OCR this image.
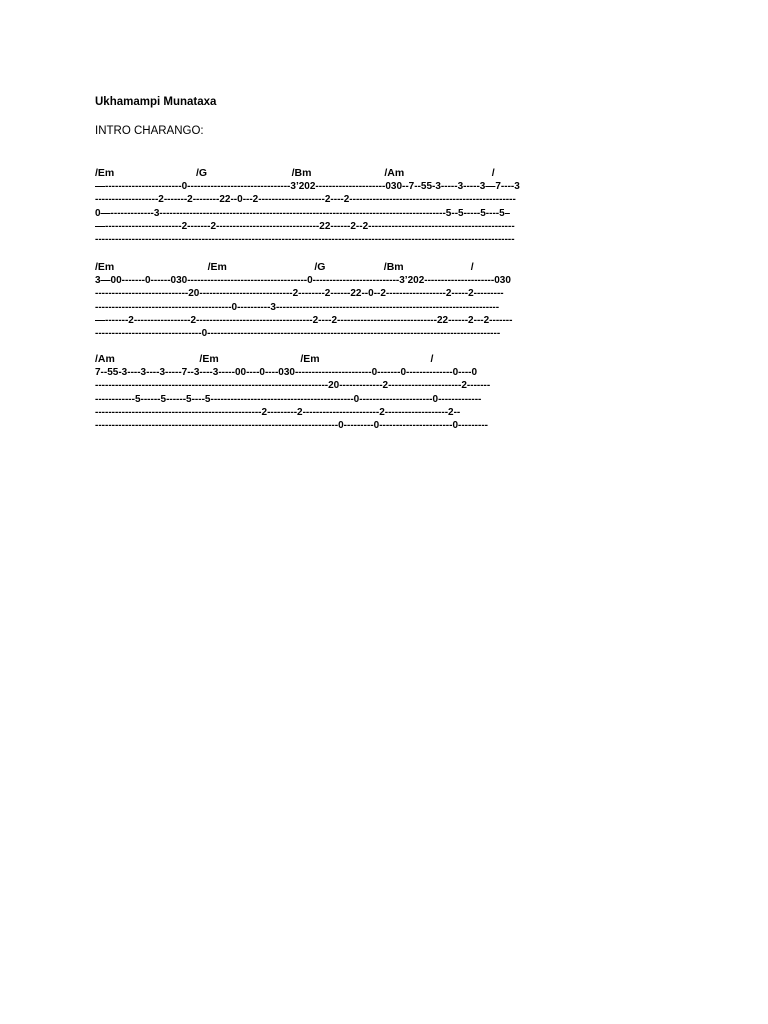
Ukhamampi Munataxa
INTRO CHARANGO:
/Em                            /G                             /Bm                         /Am                              /
—-----------------------0-------------------------------3’202---------------------030--7--55-3-----3-----3—7----3
-------------------2-------2--------22--0---2--------------------2----2--------------------------------------------------
0—-------------3--------------------------------------------------------------------------------------5--5-----5----5–
—-----------------------2-------2-------------------------------22------2--2--------------------------------------------
------------------------------------------------------------------------------------------------------------------------------
/Em                                /Em                              /G                    /Bm                       /
3—00-------0------030------------------------------------0--------------------------3’202---------------------030
----------------------------20----------------------------2--------2------22--0--2------------------2-----2---------
-----------------------------------------0----------3-------------------------------------------------------------------
—-------2-----------------2-----------------------------------2----2------------------------------22------2---2-------
--------------------------------0----------------------------------------------------------------------------------------
/Am                             /Em                            /Em                                      /
7--55-3----3----3-----7--3----3-----00----0----030-----------------------0-------0--------------0----0
----------------------------------------------------------------------20-------------2----------------------2-------
------------5------5------5----5-------------------------------------------0----------------------0-------------
--------------------------------------------------2---------2-----------------------2-------------------2--
-------------------------------------------------------------------------0---------0----------------------0---------
